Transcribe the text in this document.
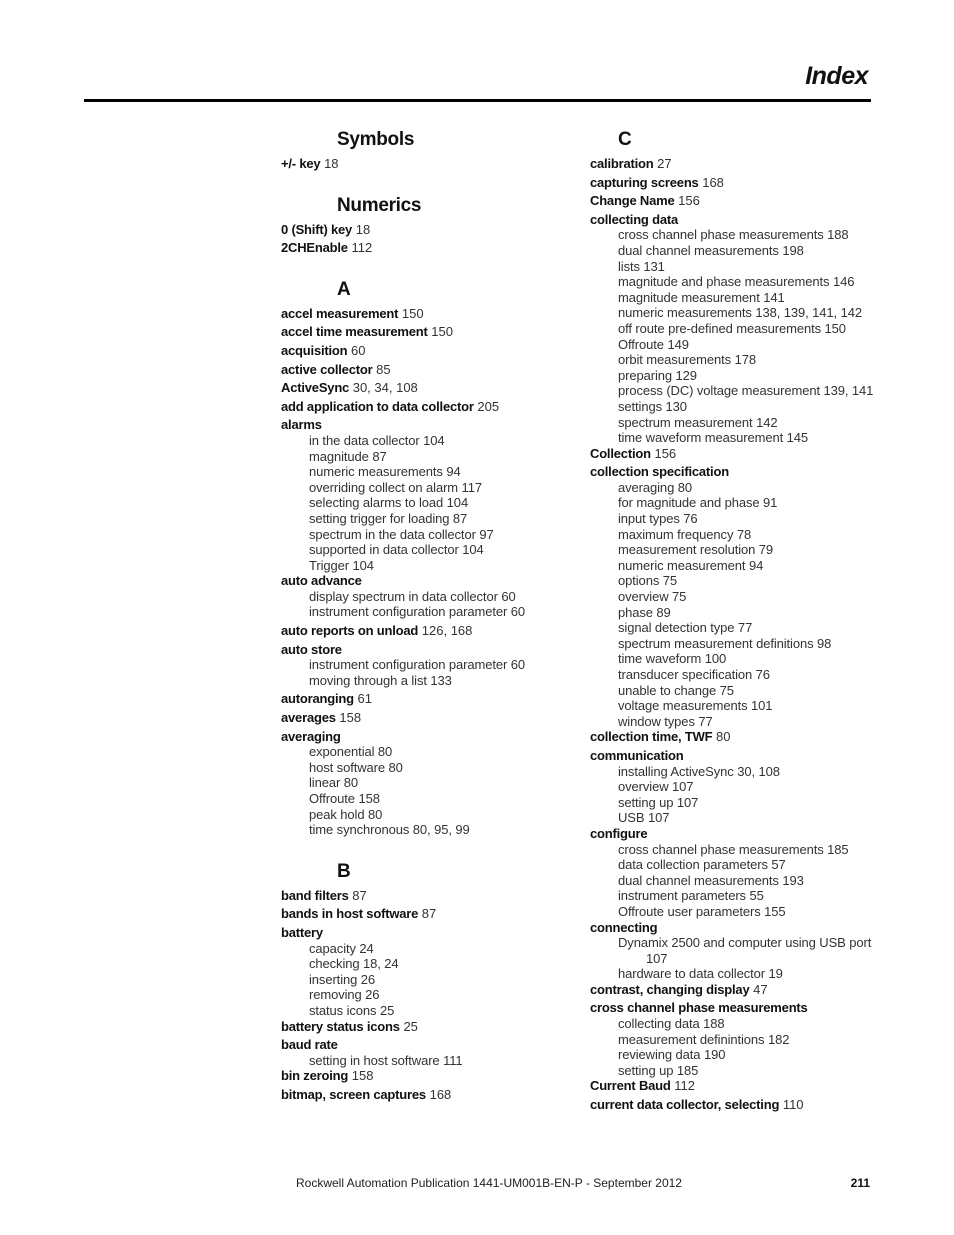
Index
Symbols
+/- key 18
Numerics
0 (Shift) key 18
2CHEnable 112
A
accel measurement 150
accel time measurement 150
acquisition 60
active collector 85
ActiveSync 30, 34, 108
add application to data collector 205
alarms
in the data collector 104
magnitude 87
numeric measurements 94
overriding collect on alarm 117
selecting alarms to load 104
setting trigger for loading 87
spectrum in the data collector 97
supported in data collector 104
Trigger 104
auto advance
display spectrum in data collector 60
instrument configuration parameter 60
auto reports on unload 126, 168
auto store
instrument configuration parameter 60
moving through a list 133
autoranging 61
averages 158
averaging
exponential 80
host software 80
linear 80
Offroute 158
peak hold 80
time synchronous 80, 95, 99
B
band filters 87
bands in host software 87
battery
capacity 24
checking 18, 24
inserting 26
removing 26
status icons 25
battery status icons 25
baud rate
setting in host software 111
bin zeroing 158
bitmap, screen captures 168
C
calibration 27
capturing screens 168
Change Name 156
collecting data
cross channel phase measurements 188
dual channel measurements 198
lists 131
magnitude and phase measurements 146
magnitude measurement 141
numeric measurements 138, 139, 141, 142
off route pre-defined measurements 150
Offroute 149
orbit measurements 178
preparing 129
process (DC) voltage measurement 139, 141
settings 130
spectrum measurement 142
time waveform measurement 145
Collection 156
collection specification
averaging 80
for magnitude and phase 91
input types 76
maximum frequency 78
measurement resolution 79
numeric measurement 94
options 75
overview 75
phase 89
signal detection type 77
spectrum measurement definitions 98
time waveform 100
transducer specification 76
unable to change 75
voltage measurements 101
window types 77
collection time, TWF 80
communication
installing ActiveSync 30, 108
overview 107
setting up 107
USB 107
configure
cross channel phase measurements 185
data collection parameters 57
dual channel measurements 193
instrument parameters 55
Offroute user parameters 155
connecting
Dynamix 2500 and computer using USB port
107
hardware to data collector 19
contrast, changing display 47
cross channel phase measurements
collecting data 188
measurement definintions 182
reviewing data 190
setting up 185
Current Baud 112
current data collector, selecting 110
Rockwell Automation Publication 1441-UM001B-EN-P - September 2012	211
